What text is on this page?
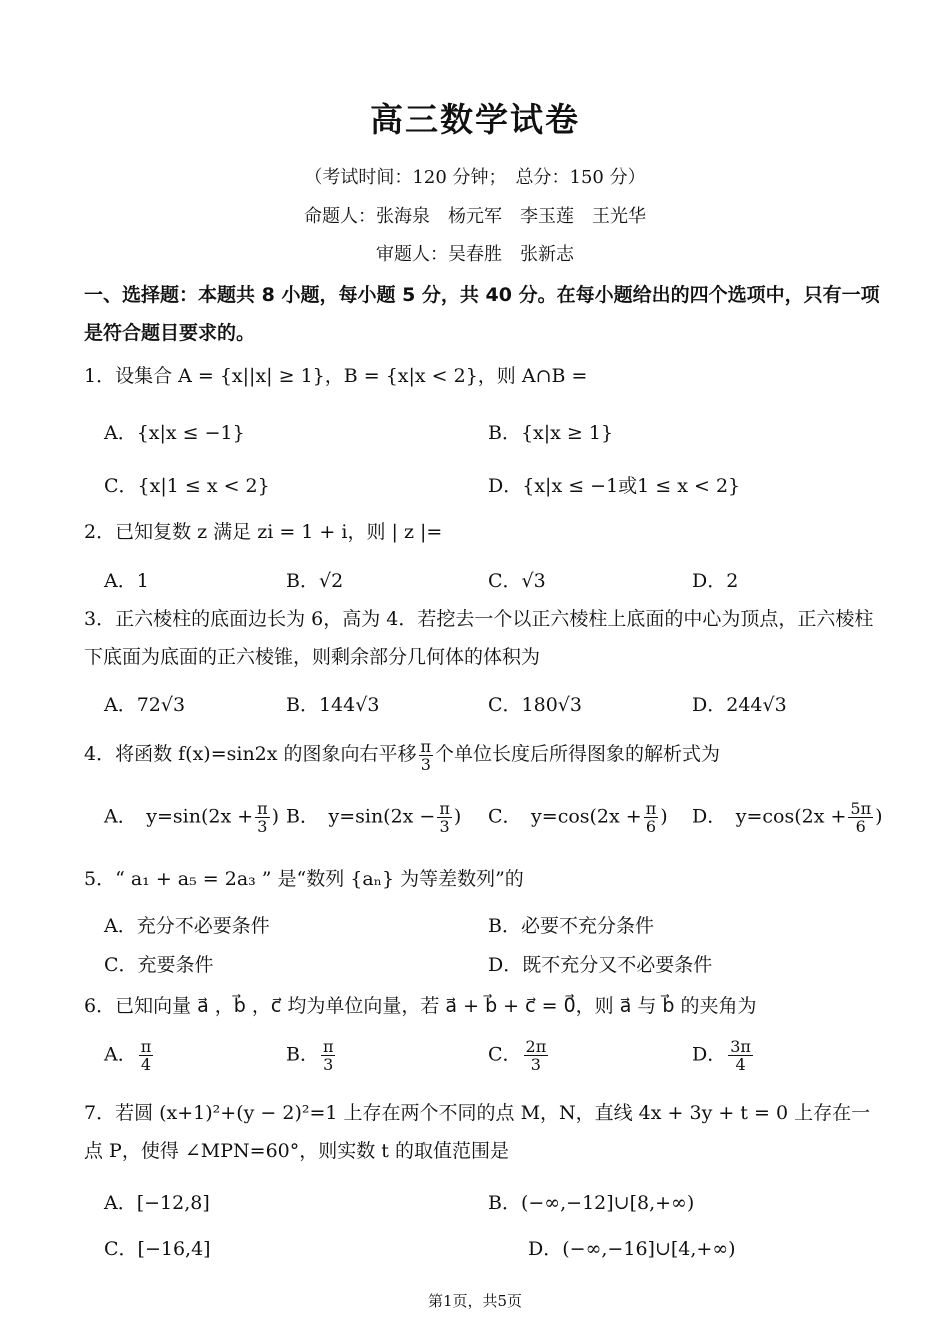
高三数学试卷
（考试时间：120 分钟；　总分：150 分）
命题人：张海泉　杨元军　李玉莲　王光华
审题人：吴春胜　张新志
一、选择题：本题共 8 小题，每小题 5 分，共 40 分。在每小题给出的四个选项中，只有一项是符合题目要求的。
1．设集合 A = {x||x| ≥ 1}，B = {x|x < 2}，则 A∩B =
A．{x|x ≤ −1}	B．{x|x ≥ 1}
C．{x|1 ≤ x < 2}	D．{x|x ≤ −1或1 ≤ x < 2}
2．已知复数 z 满足 zi = 1 + i，则 | z |=
A．1	B．√2	C．√3	D．2
3．正六棱柱的底面边长为 6，高为 4．若挖去一个以正六棱柱上底面的中心为顶点，正六棱柱下底面为底面的正六棱锥，则剩余部分几何体的体积为
A．72√3	B．144√3	C．180√3	D．244√3
4．将函数 f(x)=sin2x 的图象向右平移 $\frac{\pi}{3}$ 个单位长度后所得图象的解析式为
A．　$y=\sin(2x + \frac{\pi}{3}$ ) B．　$y=\sin(2x - \frac{\pi}{3}$ ) C．　$y=\cos(2x + \frac{\pi}{6}$ ) D．　$y=\cos(2x + \frac{5\pi}{6}$ )
5．“ a₁ + a₅ = 2a₃ ” 是“数列 {aₙ} 为等差数列”的
A．充分不必要条件	B．必要不充分条件
C．充要条件	D．既不充分又不必要条件
6．已知向量 a⃗ ，b⃗ ，c⃗ 均为单位向量，若 a⃗ + b⃗ + c⃗ = 0⃗，则 a⃗ 与 b⃗ 的夹角为
A． $\frac{\pi}{4}$	B． $\frac{\pi}{3}$	C． $\frac{2\pi}{3}$	D． $\frac{3\pi}{4}$
7．若圆 (x+1)²+(y − 2)²=1 上存在两个不同的点 M，N，直线 4x + 3y + t = 0 上存在一点 P，使得 ∠MPN=60°，则实数 t 的取值范围是
A．[−12,8]	B．(−∞,−12]∪[8,+∞)
C．[−16,4]	D．(−∞,−16]∪[4,+∞)
第1页，共5页
